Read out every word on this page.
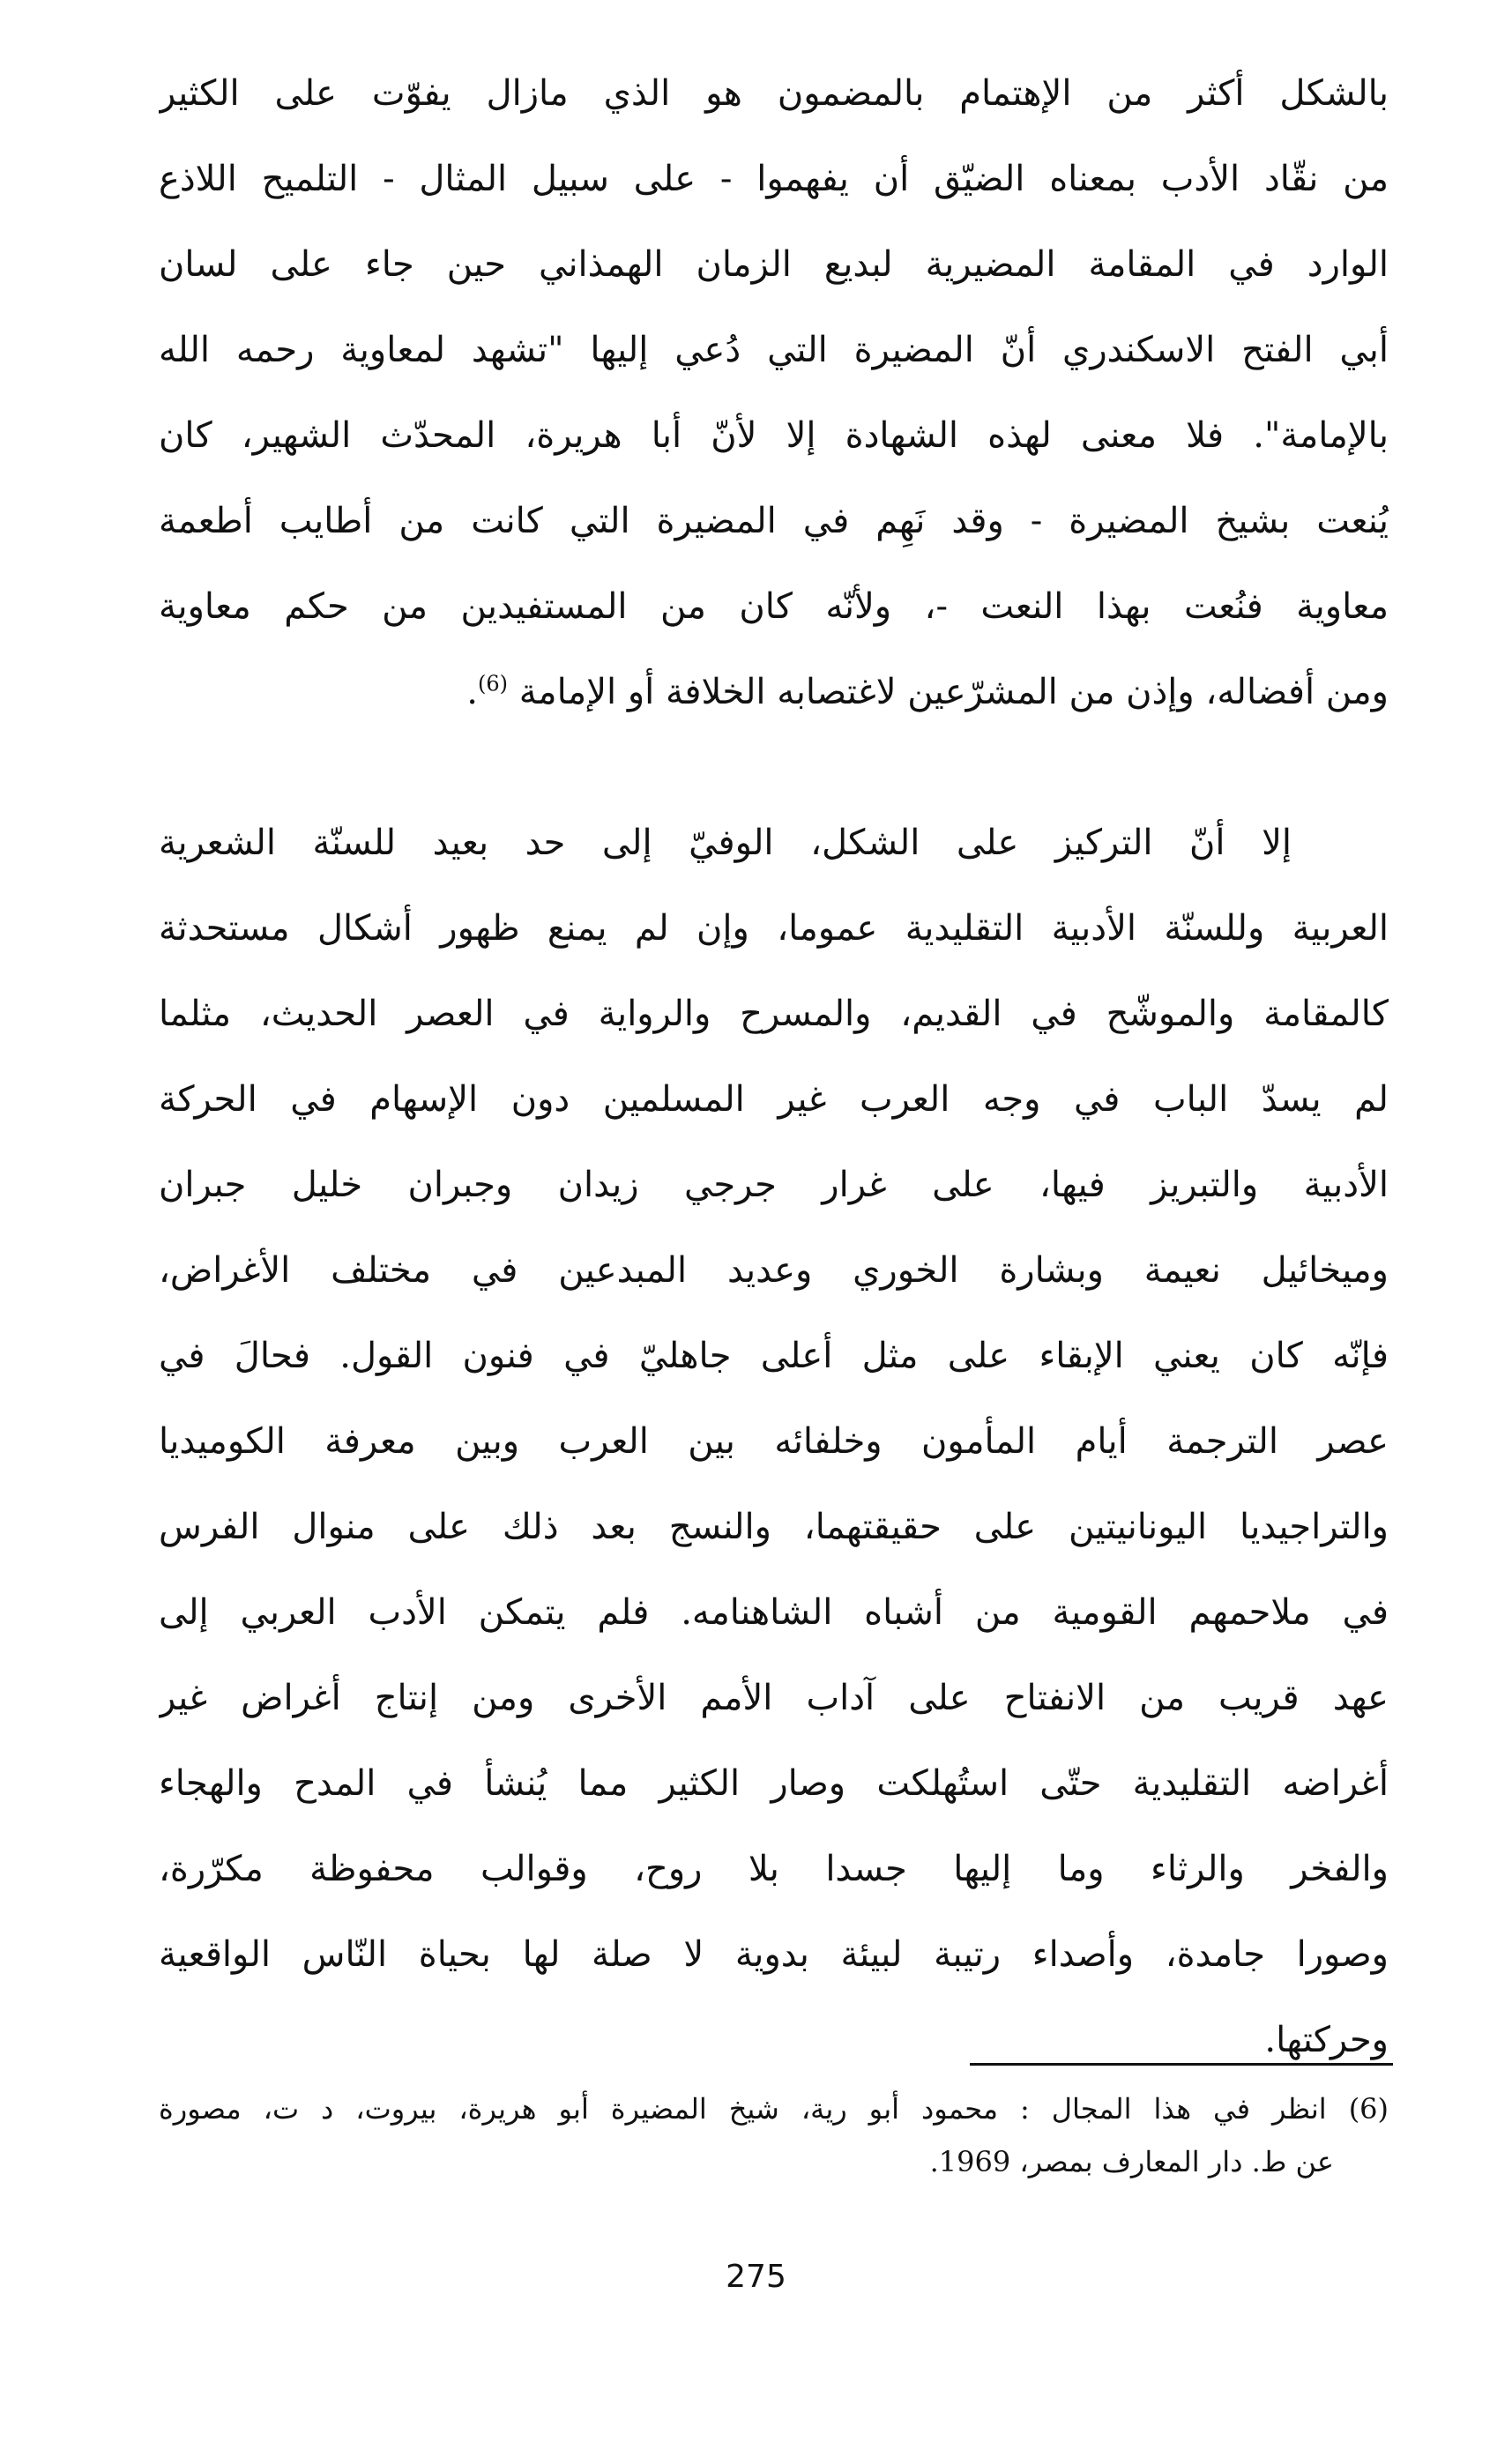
بالشكل أكثر من الإهتمام بالمضمون هو الذي مازال يفوّت على الكثير
من نقّاد الأدب بمعناه الضيّق أن يفهموا - على سبيل المثال - التلميح اللاذع
الوارد في المقامة المضيرية لبديع الزمان الهمذاني حين جاء على لسان
أبي الفتح الاسكندري أنّ المضيرة التي دُعي إليها "تشهد لمعاوية رحمه الله
بالإمامة". فلا معنى لهذه الشهادة إلا لأنّ أبا هريرة، المحدّث الشهير، كان
يُنعت بشيخ المضيرة - وقد نَهِم في المضيرة التي كانت من أطايب أطعمة
معاوية فنُعت بهذا النعت -، ولأنّه كان من المستفيدين من حكم معاوية
ومن أفضاله، وإذن من المشرّعين لاغتصابه الخلافة أو الإمامة $^{(6)}$.
إلا أنّ التركيز على الشكل، الوفيّ إلى حد بعيد للسنّة الشعرية
العربية وللسنّة الأدبية التقليدية عموما، وإن لم يمنع ظهور أشكال مستحدثة
كالمقامة والموشّح في القديم، والمسرح والرواية في العصر الحديث، مثلما
لم يسدّ الباب في وجه العرب غير المسلمين دون الإسهام في الحركة
الأدبية والتبريز فيها، على غرار جرجي زيدان وجبران خليل جبران
وميخائيل نعيمة وبشارة الخوري وعديد المبدعين في مختلف الأغراض،
فإنّه كان يعني الإبقاء على مثل أعلى جاهليّ في فنون القول. فحالَ في
عصر الترجمة أيام المأمون وخلفائه بين العرب وبين معرفة الكوميديا
والتراجيديا اليونانيتين على حقيقتهما، والنسج بعد ذلك على منوال الفرس
في ملاحمهم القومية من أشباه الشاهنامه. فلم يتمكن الأدب العربي إلى
عهد قريب من الانفتاح على آداب الأمم الأخرى ومن إنتاج أغراض غير
أغراضه التقليدية حتّى استُهلكت وصار الكثير مما يُنشأ في المدح والهجاء
والفخر والرثاء وما إليها جسدا بلا روح، وقوالب محفوظة مكرّرة،
وصورا جامدة، وأصداء رتيبة لبيئة بدوية لا صلة لها بحياة النّاس الواقعية
وحركتها.
(6) انظر في هذا المجال : محمود أبو رية، شيخ المضيرة أبو هريرة، بيروت، د ت، مصورة
عن ط. دار المعارف بمصر، 1969.
275
